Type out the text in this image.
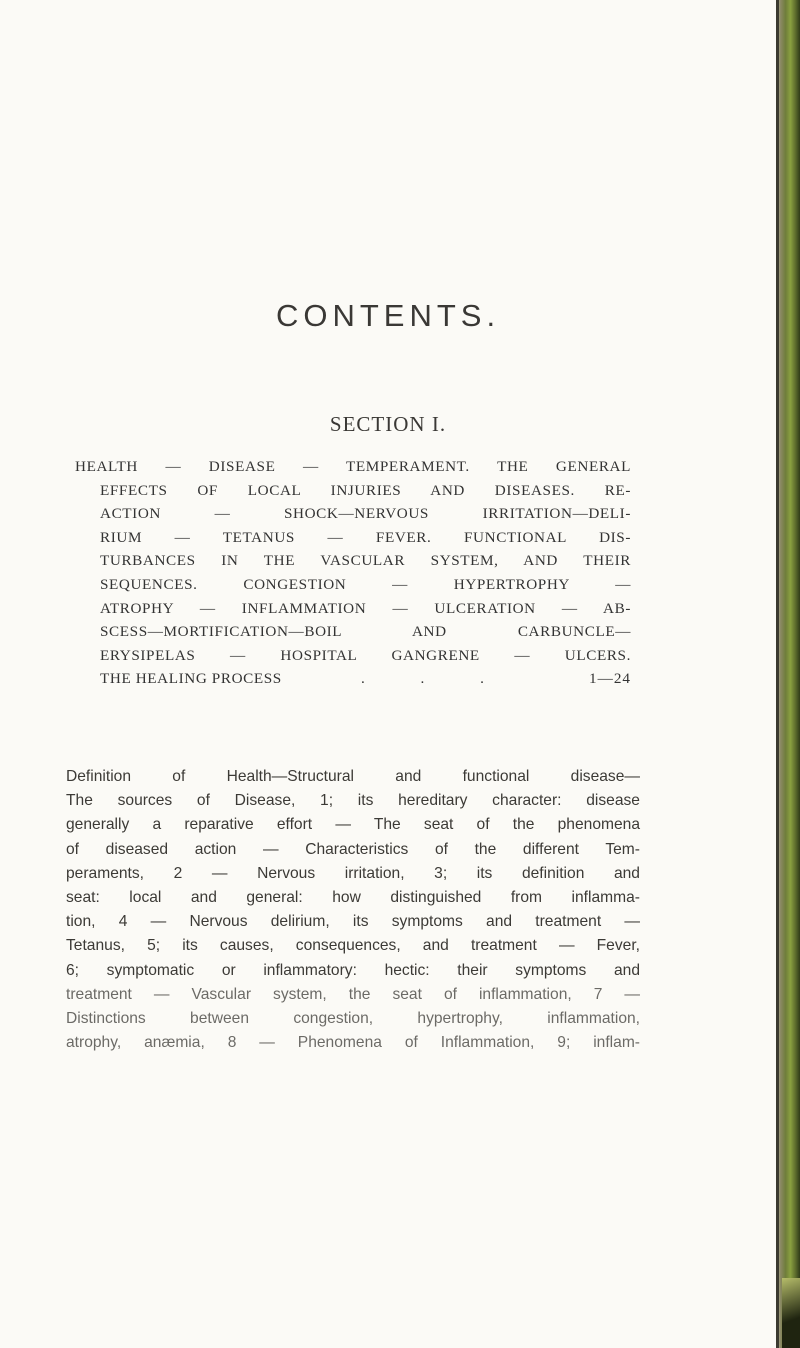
CONTENTS.
SECTION I.
HEALTH — DISEASE — TEMPERAMENT. THE GENERAL
EFFECTS OF LOCAL INJURIES AND DISEASES. RE-
ACTION — SHOCK—NERVOUS IRRITATION—DELI-
RIUM — TETANUS — FEVER. FUNCTIONAL DIS-
TURBANCES IN THE VASCULAR SYSTEM, AND THEIR
SEQUENCES. CONGESTION — HYPERTROPHY —
ATROPHY — INFLAMMATION — ULCERATION — AB-
SCESS—MORTIFICATION—BOIL AND CARBUNCLE—
ERYSIPELAS — HOSPITAL GANGRENE — ULCERS.
THE HEALING PROCESS	. . .	1—24
Definition of Health—Structural and functional disease—
The sources of Disease, 1; its hereditary character: disease
generally a reparative effort — The seat of the phenomena
of diseased action — Characteristics of the different Tem-
peraments, 2 — Nervous irritation, 3; its definition and
seat: local and general: how distinguished from inflamma-
tion, 4 — Nervous delirium, its symptoms and treatment —
Tetanus, 5; its causes, consequences, and treatment — Fever,
6; symptomatic or inflammatory: hectic: their symptoms and
treatment — Vascular system, the seat of inflammation, 7 —
Distinctions between congestion, hypertrophy, inflammation,
atrophy, anæmia, 8 — Phenomena of Inflammation, 9; inflam-
